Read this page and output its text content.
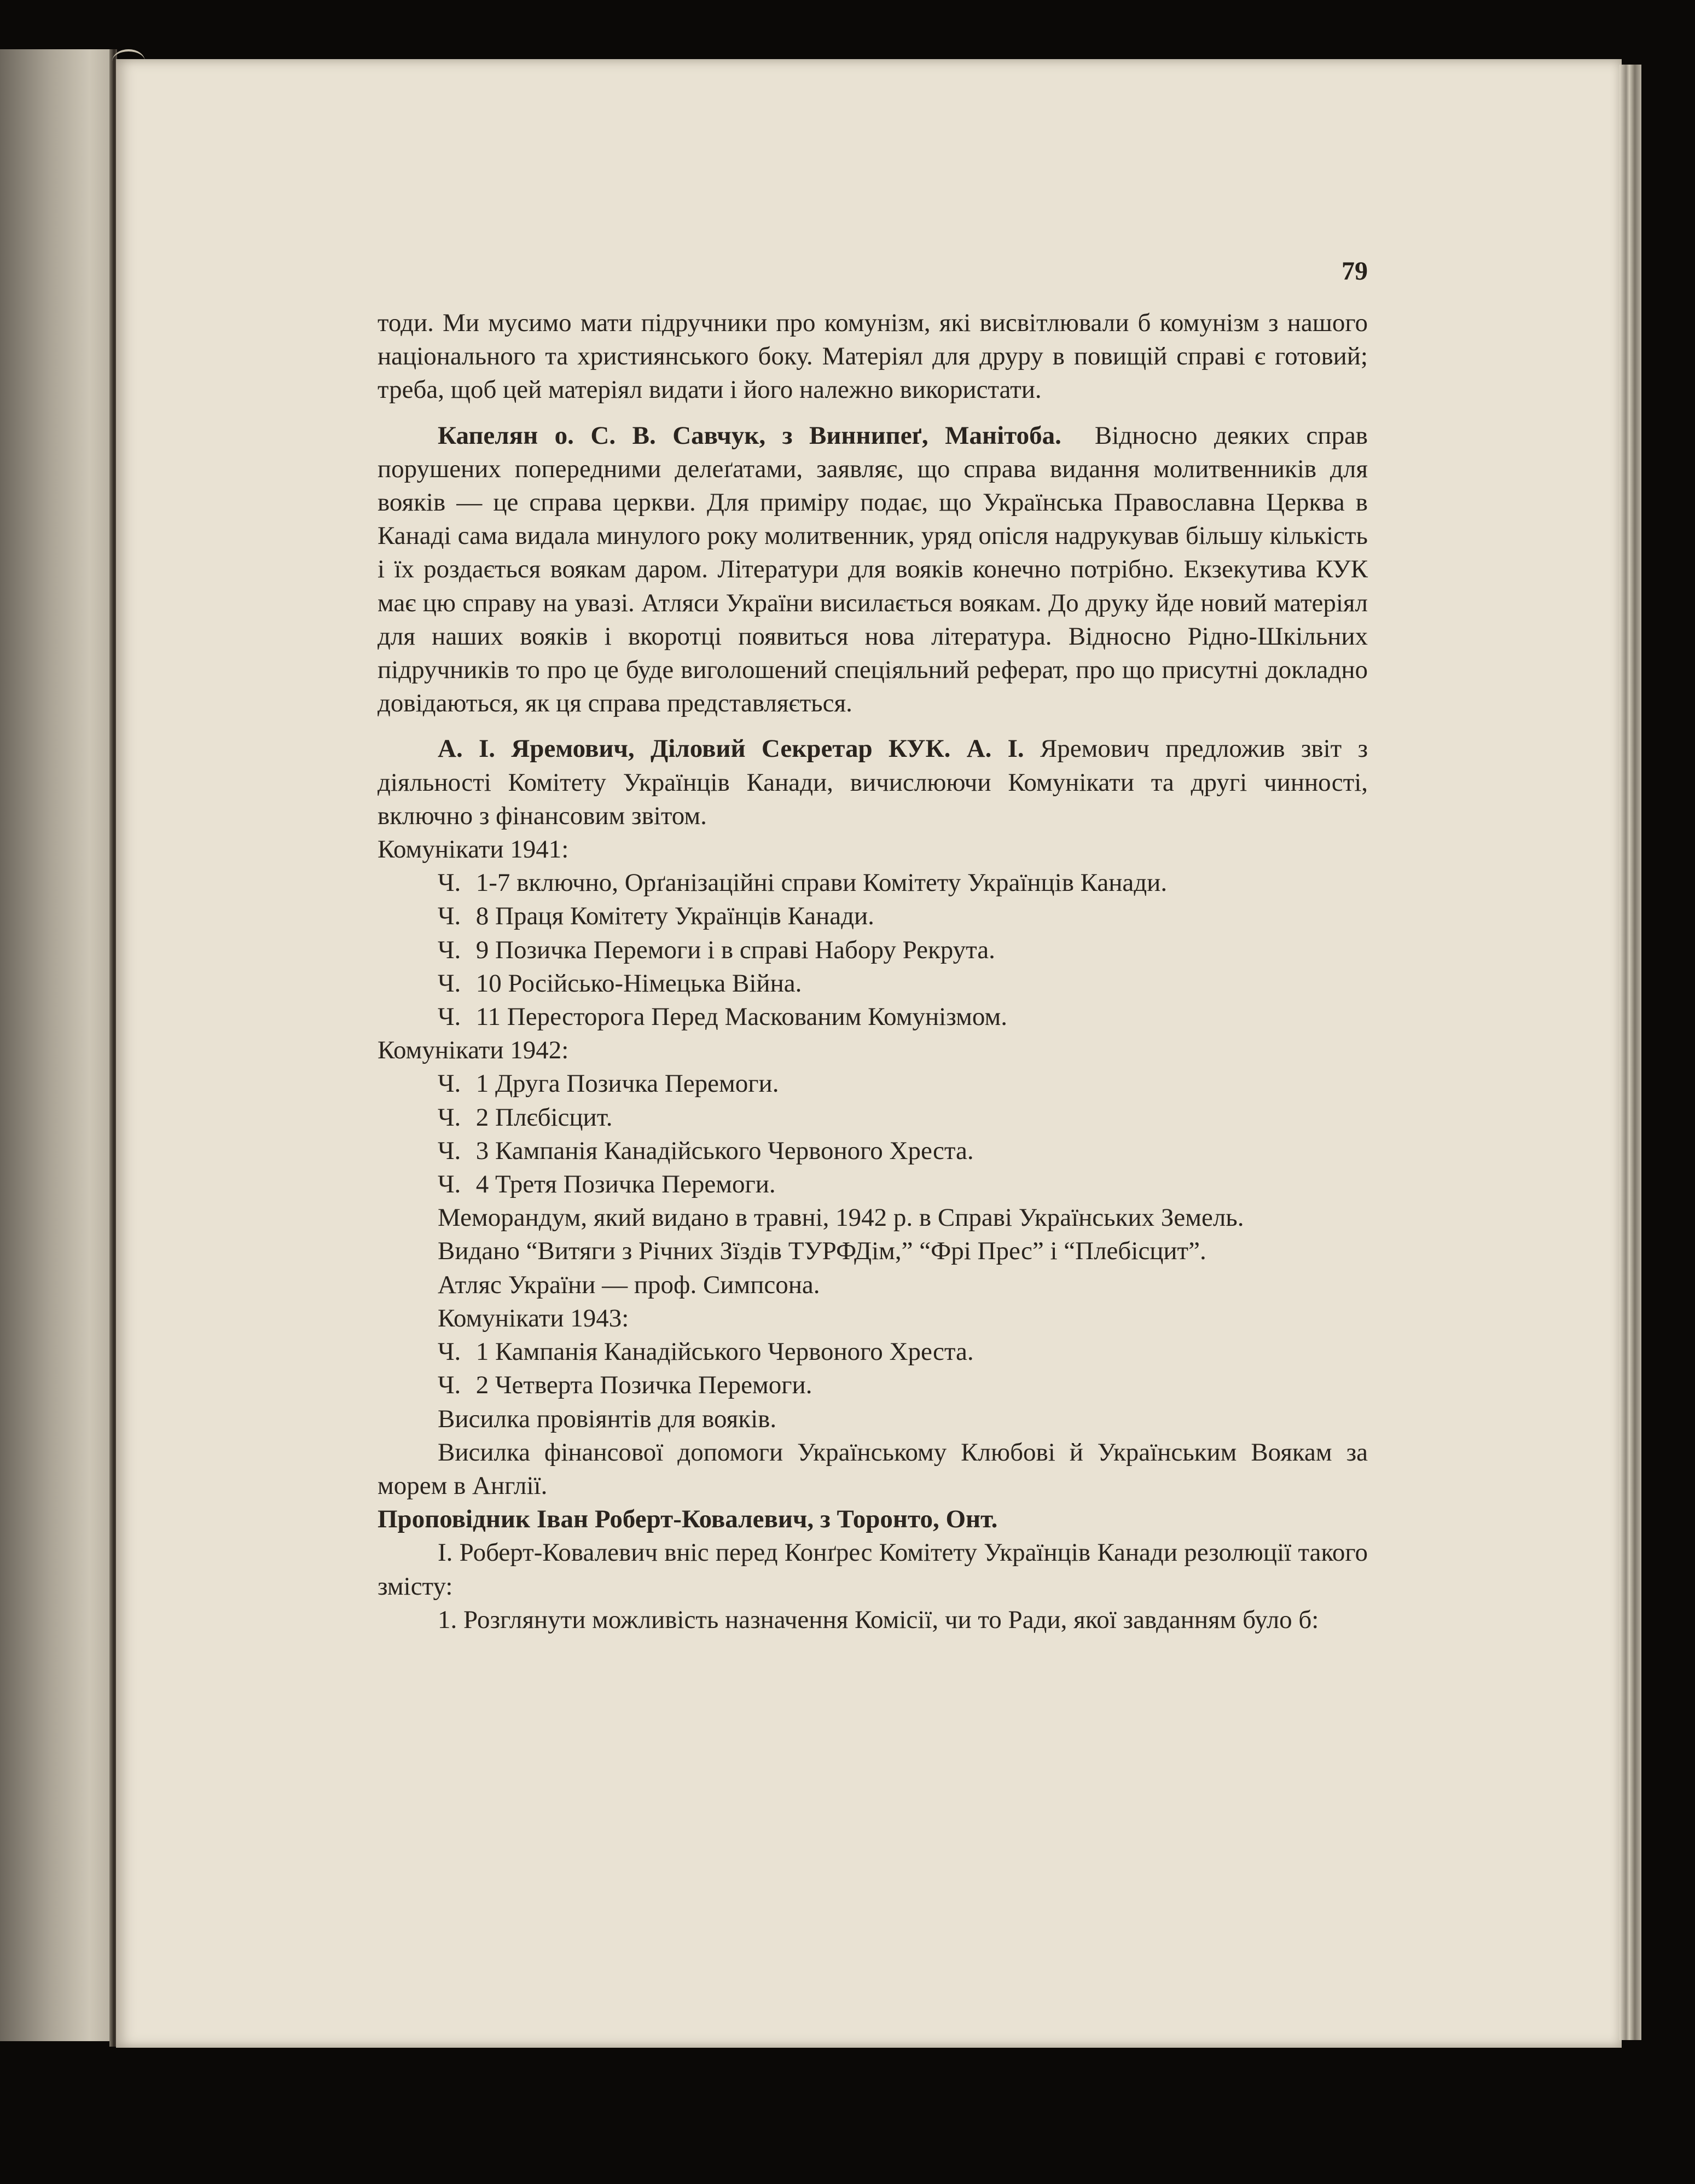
79

тоди. Ми мусимо мати підручники про комунізм, які висвітлювали б комунізм з нашого національного та християнського боку. Матеріял для друру в повищій справі є готовий; треба, щоб цей матеріял видати і його належно використати.

Капелян о. С. В. Савчук, з Виннипеґ, Манітоба. Відносно деяких справ порушених попередними делеґатами, заявляє, що справа видання молитвенників для вояків — це справа церкви. Для приміру подає, що Українська Православна Церква в Канаді сама видала минулого року молитвенник, уряд опісля надрукував більшу кількість і їх роздається воякам даром. Літератури для вояків конечно потрібно. Екзекутива КУК має цю справу на увазі. Атляси України висилається воякам. До друку йде новий матеріял для наших вояків і вкоротці появиться нова література. Відносно Рідно-Шкільних підручників то про це буде виголошений спеціяльний реферат, про що присутні докладно довідаються, як ця справа представляється.

А. І. Яремович, Діловий Секретар КУК. А. І. Яремович предложив звіт з діяльності Комітету Українців Канади, вичислюючи Комунікати та другі чинності, включно з фінансовим звітом.

Комунікати 1941:

Ч. 1-7 включно, Орґанізаційні справи Комітету Українців Канади.
Ч. 8 Праця Комітету Українців Канади.
Ч. 9 Позичка Перемоги і в справі Набору Рекрута.
Ч. 10 Російсько-Німецька Війна.
Ч. 11 Пересторога Перед Маскованим Комунізмом.

Комунікати 1942:

Ч. 1 Друга Позичка Перемоги.
Ч. 2 Плєбісцит.
Ч. 3 Кампанія Канадійського Червоного Хреста.
Ч. 4 Третя Позичка Перемоги.

Меморандум, який видано в травні, 1942 р. в Справі Українських Земель.

Видано “Витяги з Річних Зїздів ТУРФДім,” “Фрі Прес” і “Плебісцит”.

Атляс України — проф. Симпсона.

Комунікати 1943:

Ч. 1 Кампанія Канадійського Червоного Хреста.
Ч. 2 Четверта Позичка Перемоги.

Висилка провіянтів для вояків.

Висилка фінансової допомоги Українському Клюбові й Українським Воякам за морем в Англії.

Проповідник Іван Роберт-Ковалевич, з Торонто, Онт.

І. Роберт-Ковалевич вніс перед Конґрес Комітету Українців Канади резолюції такого змісту:

1. Розглянути можливість назначення Комісії, чи то Ради, якої завданням було б:
